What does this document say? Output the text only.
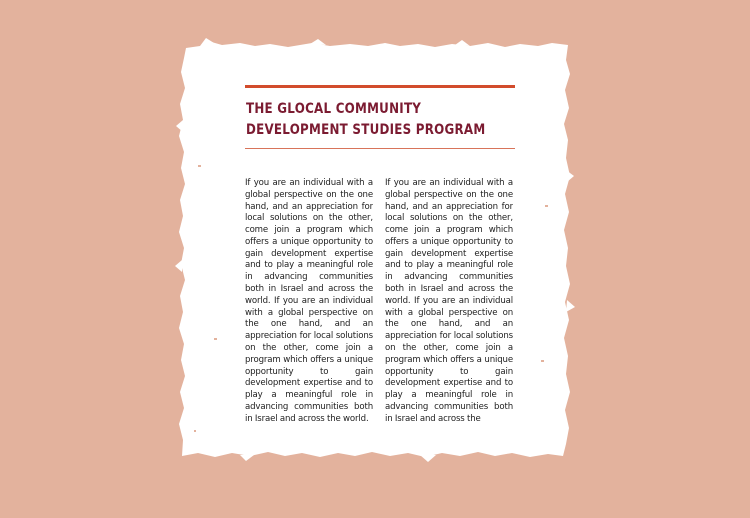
THE GLOCAL COMMUNITY
DEVELOPMENT STUDIES PROGRAM

If you are an individual with a global perspective on the one hand, and an appreciation for local solutions on the other, come join a program which offers a unique opportunity to gain development expertise and to play a meaningful role in advancing communities both in Israel and across the world. If you are an individual with a global perspective on the one hand, and an appreciation for local solutions on the other, come join a program which offers a unique opportunity to gain development expertise and to play a meaningful role in advancing communities both in Israel and across the world.

If you are an individual with a global perspective on the one hand, and an appreciation for local solutions on the other, come join a program which offers a unique opportunity to gain development expertise and to play a meaningful role in advancing communities both in Israel and across the world. If you are an individual with a global perspective on the one hand, and an appreciation for local solutions on the other, come join a program which offers a unique opportunity to gain development expertise and to play a meaningful role in advancing communities both in Israel and across the
